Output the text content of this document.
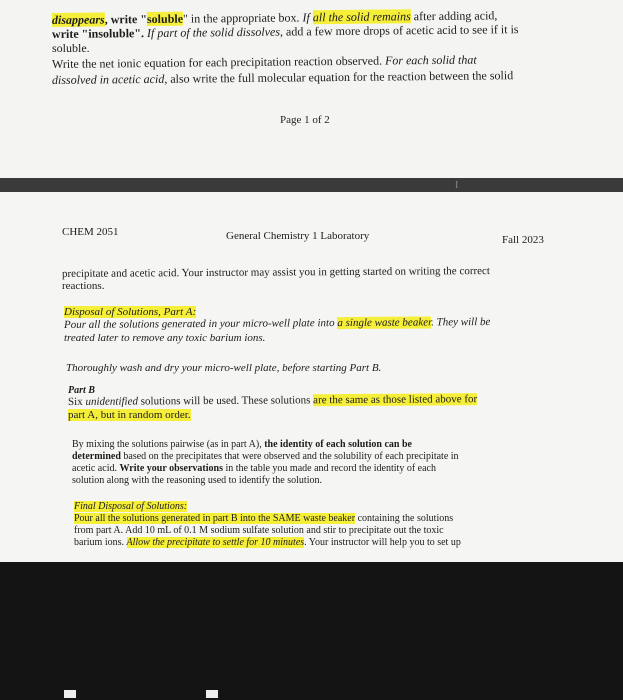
disappears, write "soluble" in the appropriate box. If all the solid remains after adding acid,
write "insoluble". If part of the solid dissolves, add a few more drops of acetic acid to see if it is
soluble.
Write the net ionic equation for each precipitation reaction observed. For each solid that
dissolved in acetic acid, also write the full molecular equation for the reaction between the solid
Page 1 of 2
I
CHEM 2051	General Chemistry 1 Laboratory	Fall 2023
precipitate and acetic acid. Your instructor may assist you in getting started on writing the correct
reactions.
Disposal of Solutions, Part A:
Pour all the solutions generated in your micro-well plate into a single waste beaker. They will be
treated later to remove any toxic barium ions.
Thoroughly wash and dry your micro-well plate, before starting Part B.
Part B
Six unidentified solutions will be used. These solutions are the same as those listed above for
part A, but in random order.
By mixing the solutions pairwise (as in part A), the identity of each solution can be
determined based on the precipitates that were observed and the solubility of each precipitate in
acetic acid. Write your observations in the table you made and record the identity of each
solution along with the reasoning used to identify the solution.
Final Disposal of Solutions:
Pour all the solutions generated in part B into the SAME waste beaker containing the solutions
from part A. Add 10 mL of 0.1 M sodium sulfate solution and stir to precipitate out the toxic
barium ions. Allow the precipitate to settle for 10 minutes. Your instructor will help you to set up
